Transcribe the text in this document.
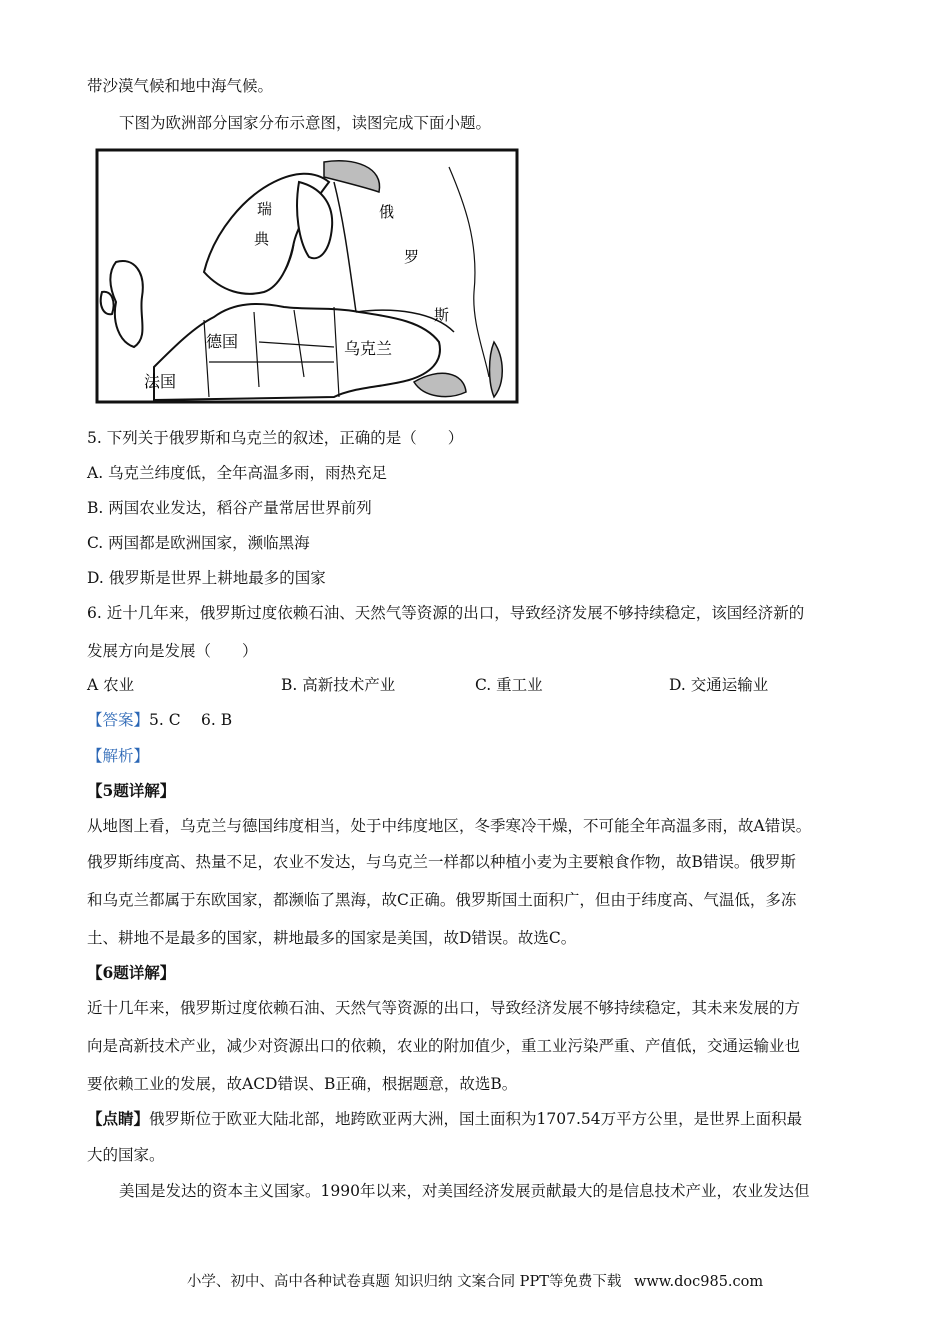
带沙漠气候和地中海气候。
下图为欧洲部分国家分布示意图，读图完成下面小题。
瑞
典
俄
罗
斯
德国	乌克兰
法国
5. 下列关于俄罗斯和乌克兰的叙述，正确的是（　　）
A. 乌克兰纬度低，全年高温多雨，雨热充足
B. 两国农业发达，稻谷产量常居世界前列
C. 两国都是欧洲国家，濒临黑海
D. 俄罗斯是世界上耕地最多的国家
6. 近十几年来，俄罗斯过度依赖石油、天然气等资源的出口，导致经济发展不够持续稳定，该国经济新的
发展方向是发展（　　）
A 农业	B. 高新技术产业	C. 重工业	D. 交通运输业
【答案】5. C　 6. B
【解析】
【5题详解】
从地图上看，乌克兰与德国纬度相当，处于中纬度地区，冬季寒冷干燥，不可能全年高温多雨，故A错误。
俄罗斯纬度高、热量不足，农业不发达，与乌克兰一样都以种植小麦为主要粮食作物，故B错误。俄罗斯
和乌克兰都属于东欧国家，都濒临了黑海，故C正确。俄罗斯国土面积广，但由于纬度高、气温低，多冻
土、耕地不是最多的国家，耕地最多的国家是美国，故D错误。故选C。
【6题详解】
近十几年来，俄罗斯过度依赖石油、天然气等资源的出口，导致经济发展不够持续稳定，其未来发展的方
向是高新技术产业，减少对资源出口的依赖，农业的附加值少，重工业污染严重、产值低，交通运输业也
要依赖工业的发展，故ACD错误、B正确，根据题意，故选B。
【点睛】俄罗斯位于欧亚大陆北部，地跨欧亚两大洲，国土面积为1707.54万平方公里，是世界上面积最
大的国家。
美国是发达的资本主义国家。1990年以来，对美国经济发展贡献最大的是信息技术产业，农业发达但
小学、初中、高中各种试卷真题 知识归纳 文案合同 PPT等免费下载 www.doc985.com
